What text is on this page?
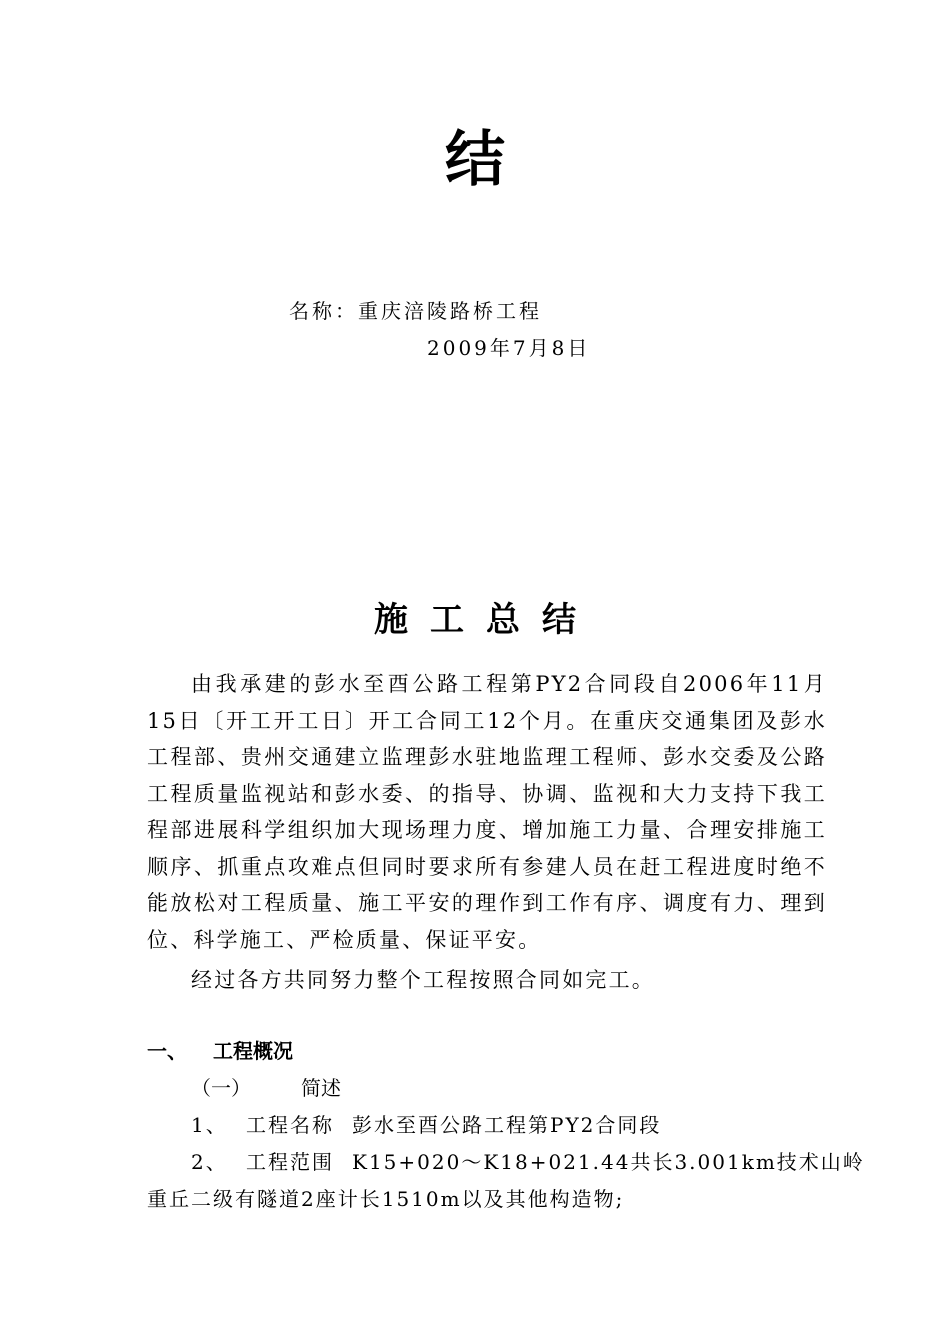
结
名称：重庆涪陵路桥工程
2009年7月8日
施工总结
由我承建的彭水至酉公路工程第PY2合同段自2006年11月15日〔开工开工日〕开工合同工12个月。在重庆交通集团及彭水工程部、贵州交通建立监理彭水驻地监理工程师、彭水交委及公路工程质量监视站和彭水委、的指导、协调、监视和大力支持下我工程部进展科学组织加大现场理力度、增加施工力量、合理安排施工顺序、抓重点攻难点但同时要求所有参建人员在赶工程进度时绝不能放松对工程质量、施工平安的理作到工作有序、调度有力、理到位、科学施工、严检质量、保证平安。
经过各方共同努力整个工程按照合同如完工。
一、 工程概况
（一）	简述
1、 工程名称 彭水至酉公路工程第PY2合同段
2、 工程范围 K15+020～K18+021.44共长3.001km技术山岭
重丘二级有隧道2座计长1510m以及其他构造物;
